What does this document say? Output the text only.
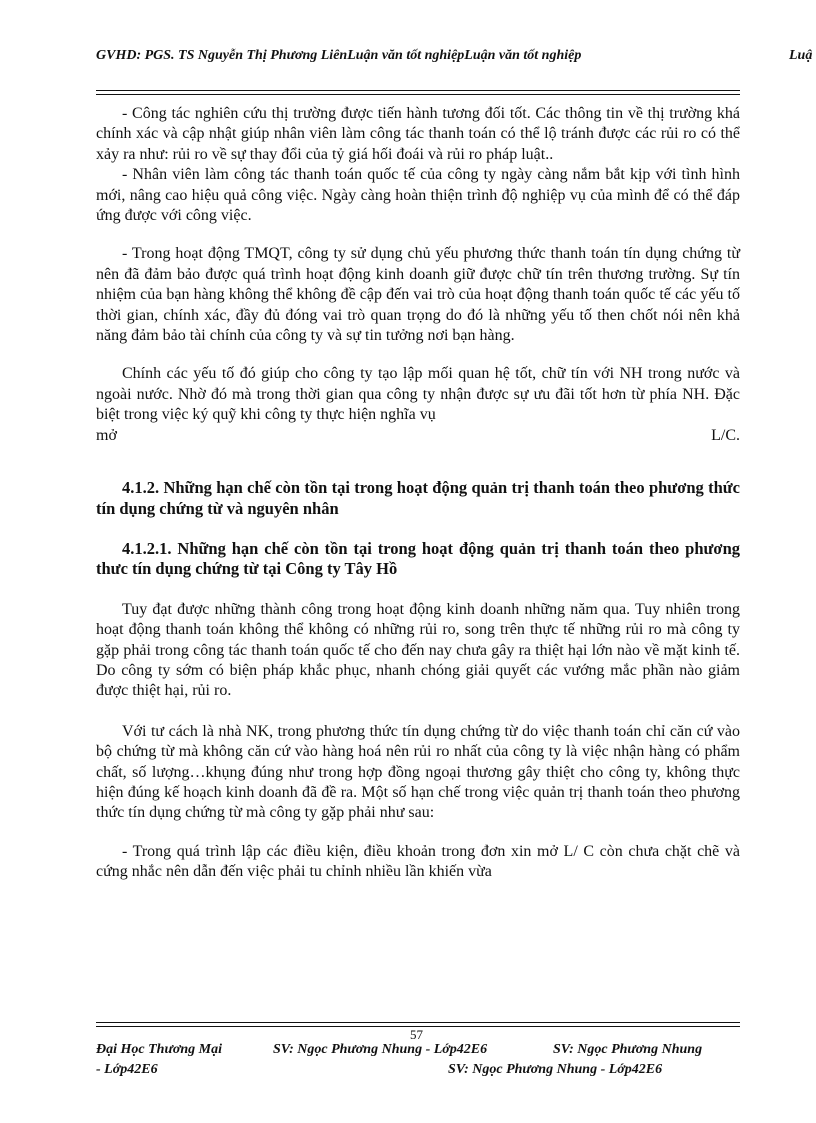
GVHD: PGS. TS Nguyễn Thị Phương LiênLuận văn tốt nghiệpLuận văn tốt nghiệp	Luậ

- Công tác nghiên cứu thị trường được tiến hành tương đối tốt. Các thông tin về thị trường khá chính xác và cập nhật giúp nhân viên làm công tác thanh toán có thể lộ tránh được các rủi ro có thể xảy ra như: rủi ro về sự thay đổi của tỷ giá hối đoái và rủi ro pháp luật..

- Nhân viên làm công tác thanh toán quốc tế của công ty ngày càng nắm bắt kịp với tình hình mới, nâng cao hiệu quả công việc. Ngày càng hoàn thiện trình độ nghiệp vụ của mình để có thể đáp ứng được với công việc.

- Trong hoạt động TMQT, công ty sử dụng chủ yếu phương thức thanh toán tín dụng chứng từ nên đã đảm bảo được quá trình hoạt động kinh doanh giữ được chữ tín trên thương trường. Sự tín nhiệm của bạn hàng không thể không đề cập đến vai trò của hoạt động thanh toán quốc tế các yếu tố thời gian, chính xác, đầy đủ đóng vai trò quan trọng do đó là những yếu tố then chốt nói nên khả năng đảm bảo tài chính của công ty và sự tin tưởng nơi bạn hàng.

Chính các yếu tố đó giúp cho công ty tạo lập mối quan hệ tốt, chữ tín với NH trong nước và ngoài nước. Nhờ đó mà trong thời gian qua công ty nhận được sự ưu đãi tốt hơn từ phía NH. Đặc biệt trong việc ký quỹ khi công ty thực hiện nghĩa vụ

mở	L/C.

4.1.2. Những hạn chế còn tồn tại trong hoạt động quản trị thanh toán theo phương thức tín dụng chứng từ và nguyên nhân

4.1.2.1. Những hạn chế còn tồn tại trong hoạt động quản trị thanh toán theo phương thưc tín dụng chứng từ tại Công ty Tây Hồ

Tuy đạt được những thành công trong hoạt động kinh doanh những năm qua. Tuy nhiên trong hoạt động thanh toán không thể không có những rủi ro, song trên thực tế những rủi ro mà công ty gặp phải trong công tác thanh toán quốc tế cho đến nay chưa gây ra thiệt hại lớn nào về mặt kinh tế. Do công ty sớm có biện pháp khắc phục, nhanh chóng giải quyết các vướng mắc phần nào giảm được thiệt hại, rủi ro.

Với tư cách là nhà NK, trong phương thức tín dụng chứng từ do việc thanh toán chỉ căn cứ vào bộ chứng từ mà không căn cứ vào hàng hoá nên rủi ro nhất của công ty là việc nhận hàng có phẩm chất, số lượng…khụng đúng như trong hợp đồng ngoại thương gây thiệt cho công ty, không thực hiện đúng kế hoạch kinh doanh đã đề ra. Một số hạn chế trong việc quản trị thanh toán theo phương thức tín dụng chứng từ mà công ty gặp phải như sau:

- Trong quá trình lập các điều kiện, điều khoản trong đơn xin mở L/ C còn chưa chặt chẽ và cứng nhắc nên dẫn đến việc phải tu chỉnh nhiều lần khiến vừa

57
Đại Học Thương Mại	SV: Ngọc Phương Nhung - Lớp42E6	SV: Ngọc Phương Nhung
- Lớp42E6	SV: Ngọc Phương Nhung - Lớp42E6
